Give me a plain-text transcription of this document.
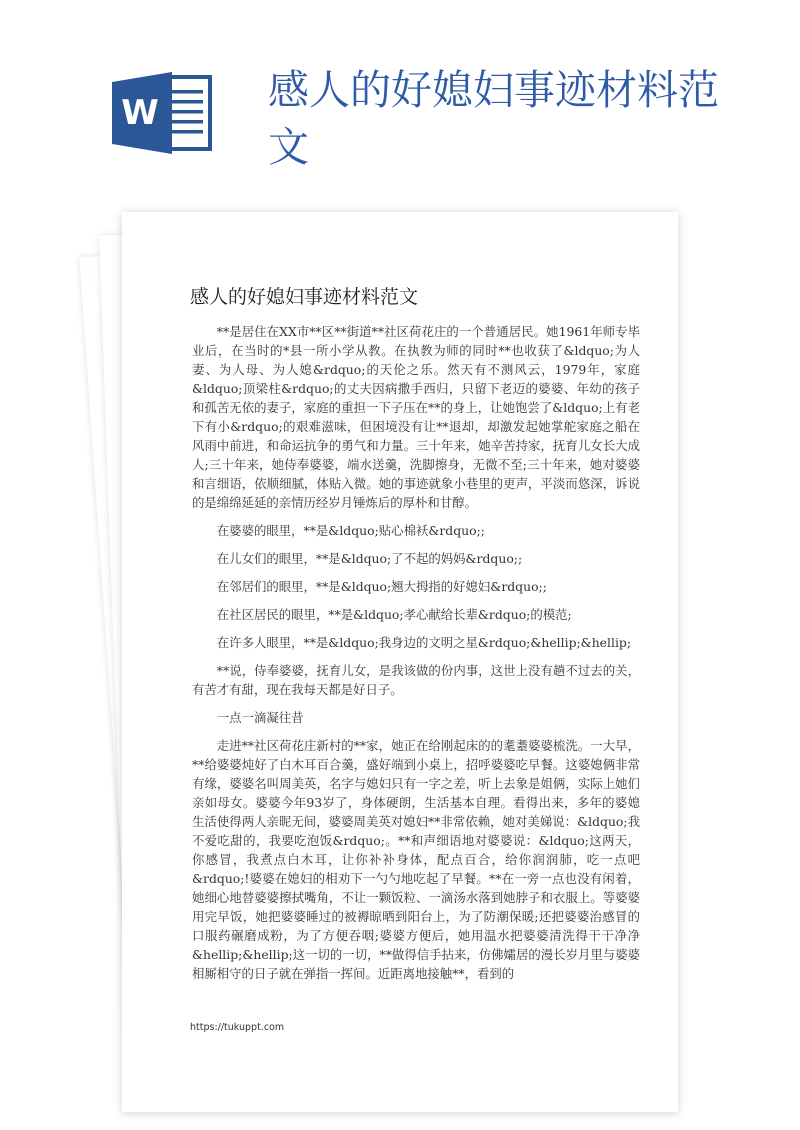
W	感人的好媳妇事迹材料范文
感人的好媳妇事迹材料范文

**是居住在XX市**区**街道**社区荷花庄的一个普通居民。她1961年师专毕业后，在当时的*县一所小学从教。在执教为师的同时**也收获了&ldquo;为人妻、为人母、为人媳&rdquo;的天伦之乐。然天有不测风云，1979年，家庭&ldquo;顶梁柱&rdquo;的丈夫因病撒手西归，只留下老迈的婆婆、年幼的孩子和孤苦无依的妻子，家庭的重担一下子压在**的身上，让她饱尝了&ldquo;上有老下有小&rdquo;的艰难滋味，但困境没有让**退却，却激发起她掌舵家庭之船在风雨中前进，和命运抗争的勇气和力量。三十年来，她辛苦持家，抚育儿女长大成人;三十年来，她侍奉婆婆，端水送羹，洗脚擦身，无微不至;三十年来，她对婆婆和言细语，依顺细腻，体贴入微。她的事迹就象小巷里的更声，平淡而悠深，诉说的是绵绵延延的亲情历经岁月锤炼后的厚朴和甘醇。

在婆婆的眼里，**是&ldquo;贴心棉袄&rdquo;;

在儿女们的眼里，**是&ldquo;了不起的妈妈&rdquo;;

在邻居们的眼里，**是&ldquo;翘大拇指的好媳妇&rdquo;;

在社区居民的眼里，**是&ldquo;孝心献给长辈&rdquo;的模范;

在许多人眼里，**是&ldquo;我身边的文明之星&rdquo;&hellip;&hellip;

**说，侍奉婆婆，抚育儿女，是我该做的份内事，这世上没有趟不过去的关，有苦才有甜，现在我每天都是好日子。

一点一滴凝往昔

走进**社区荷花庄新村的**家，她正在给刚起床的的耄耋婆婆梳洗。一大早，**给婆婆炖好了白木耳百合羹，盛好端到小桌上，招呼婆婆吃早餐。这婆媳俩非常有缘，婆婆名叫周美英，名字与媳妇只有一字之差，听上去象是姐俩，实际上她们亲如母女。婆婆今年93岁了，身体硬朗，生活基本自理。看得出来，多年的婆媳生活使得两人亲昵无间，婆婆周美英对媳妇**非常依赖，她对美娣说：&ldquo;我不爱吃甜的，我要吃泡饭&rdquo;。**和声细语地对婆婆说：&ldquo;这两天，你感冒，我煮点白木耳，让你补补身体，配点百合，给你润润肺，吃一点吧&rdquo;!婆婆在媳妇的相劝下一勺勺地吃起了早餐。**在一旁一点也没有闲着，她细心地替婆婆擦拭嘴角，不让一颗饭粒、一滴汤水落到她脖子和衣服上。等婆婆用完早饭，她把婆婆睡过的被褥晾晒到阳台上，为了防潮保暖;还把婆婆治感冒的口服药碾磨成粉，为了方便吞咽;婆婆方便后，她用温水把婆婆清洗得干干净净&hellip;&hellip;这一切的一切，**做得信手拈来，仿佛孀居的漫长岁月里与婆婆相厮相守的日子就在弹指一挥间。近距离地接触**，看到的

https://tukuppt.com
